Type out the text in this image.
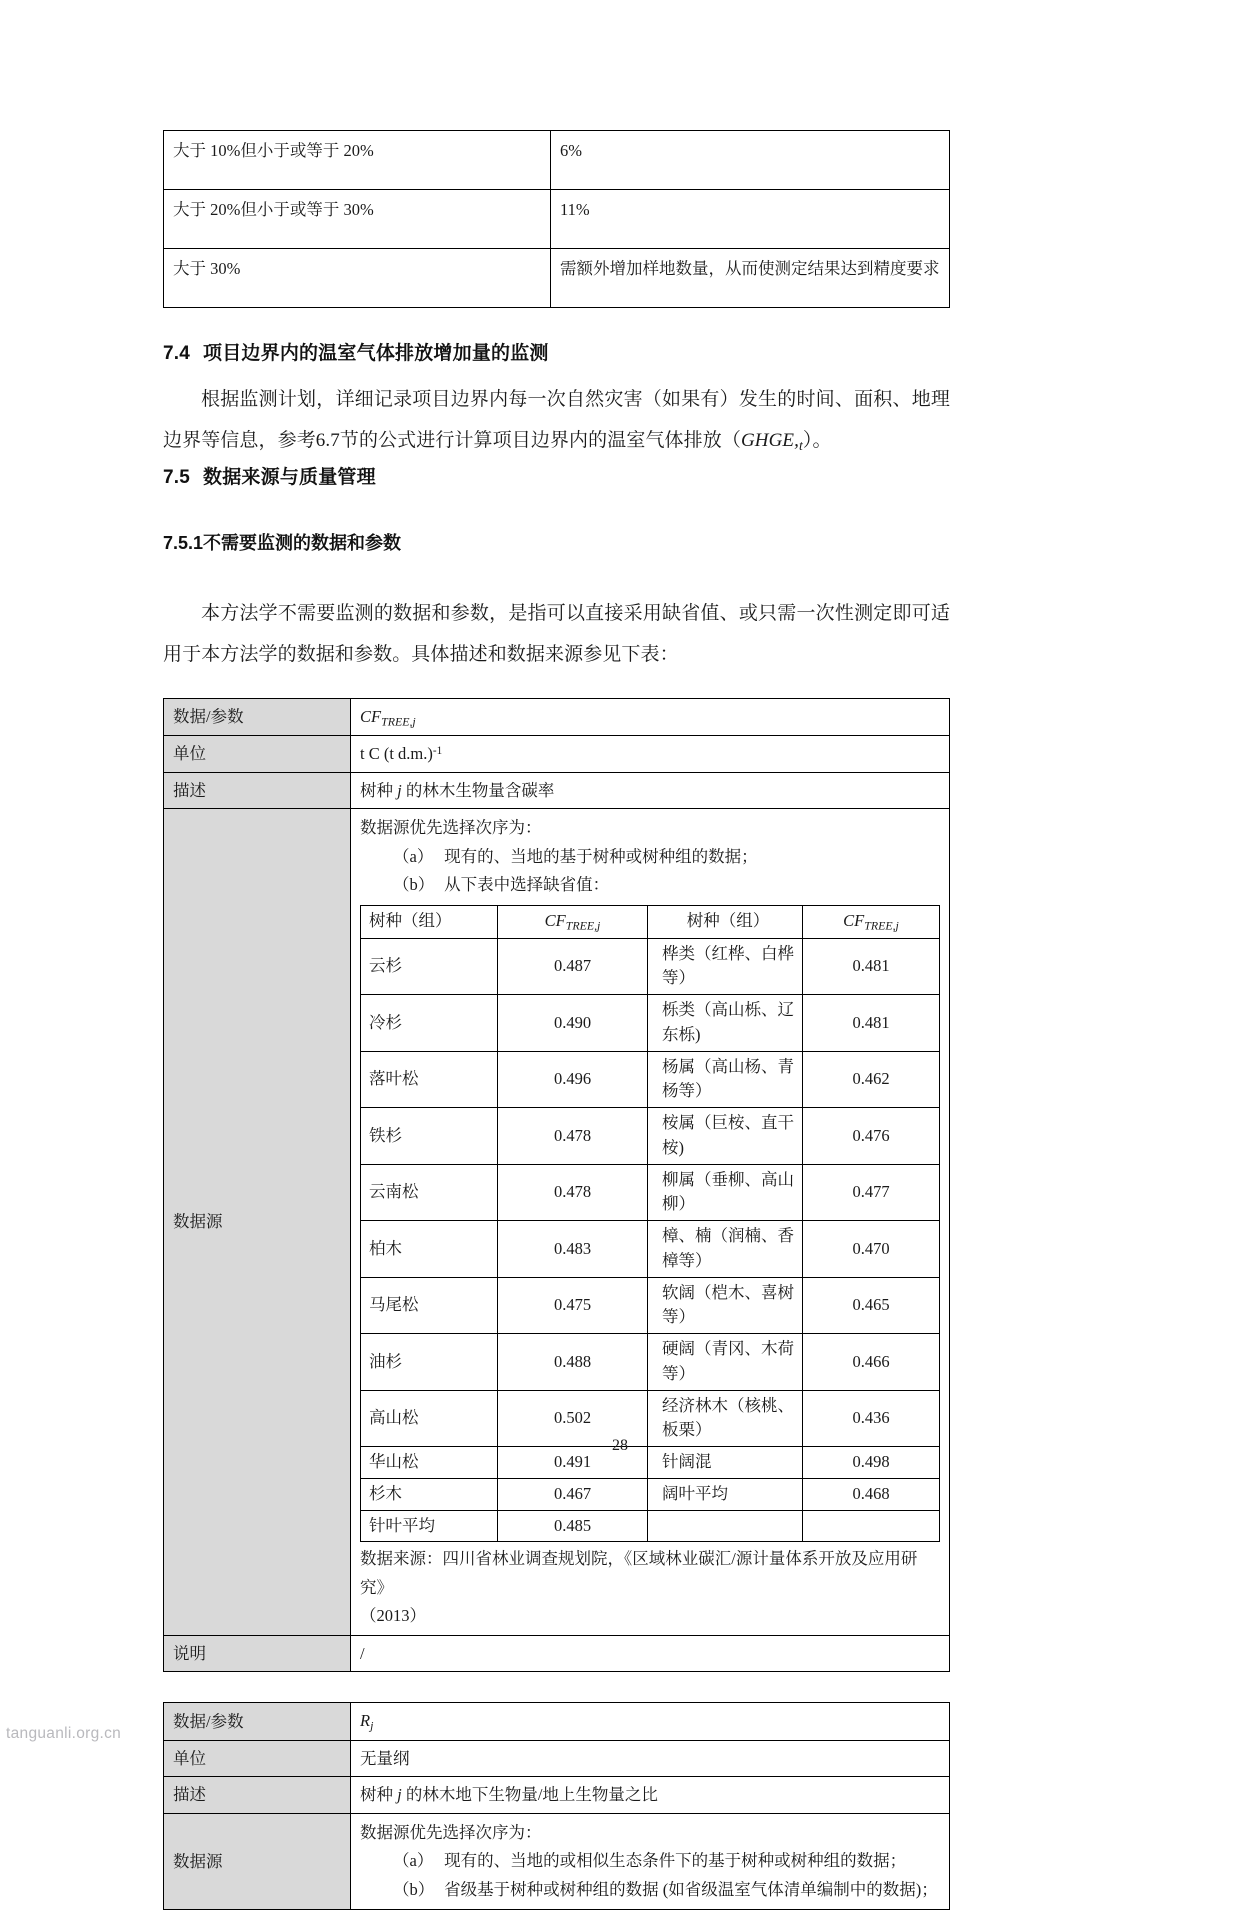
大于 10%但小于或等于 20%	6%
大于 20%但小于或等于 30%	11%
大于 30%	需额外增加样地数量，从而使测定结果达到精度要求
7.4 项目边界内的温室气体排放增加量的监测

根据监测计划，详细记录项目边界内每一次自然灾害（如果有）发生的时间、面积、地理边界等信息，参考6.7节的公式进行计算项目边界内的温室气体排放$(GHGE,_t)$。

7.5 数据来源与质量管理
7.5.1不需要监测的数据和参数

本方法学不需要监测的数据和参数，是指可以直接采用缺省值、或只需一次性测定即可适用于本方法学的数据和参数。具体描述和数据来源参见下表：

数据/参数	$CF_{TREE,j}$
单位	t C (t d.m.)$^{-1}$
描述	树种 j 的林木生物量含碳率
数据源	
数据源优先选择次序为：
（a） 现有的、当地的基于树种或树种组的数据；
（b） 从下表中选择缺省值：
树种（组）	$CF_{TREE,j}$	树种（组）	$CF_{TREE,j}$
云杉	0.487	桦类（红桦、白桦等）	0.481
冷杉	0.490	栎类（高山栎、辽东栎)	0.481
落叶松	0.496	杨属（高山杨、青杨等）	0.462
铁杉	0.478	桉属（巨桉、直干桉)	0.476
云南松	0.478	柳属（垂柳、高山柳）	0.477
柏木	0.483	樟、楠（润楠、香樟等）	0.470
马尾松	0.475	软阔（桤木、喜树等）	0.465
油杉	0.488	硬阔（青冈、木荷等）	0.466
高山松	0.502	经济林木（核桃、板栗）	0.436
华山松	0.491	针阔混	0.498
杉木	0.467	阔叶平均	0.468
针叶平均	0.485		
数据来源：四川省林业调查规划院，《区域林业碳汇/源计量体系开放及应用研究》
（2013）

说明	/
数据/参数	$R_j$
单位	无量纲
描述	树种 j 的林木地下生物量/地上生物量之比
数据源	数据源优先选择次序为：
（a） 现有的、当地的或相似生态条件下的基于树种或树种组的数据；
（b） 省级基于树种或树种组的数据 (如省级温室气体清单编制中的数据)；
28
tanguanli.org.cn
